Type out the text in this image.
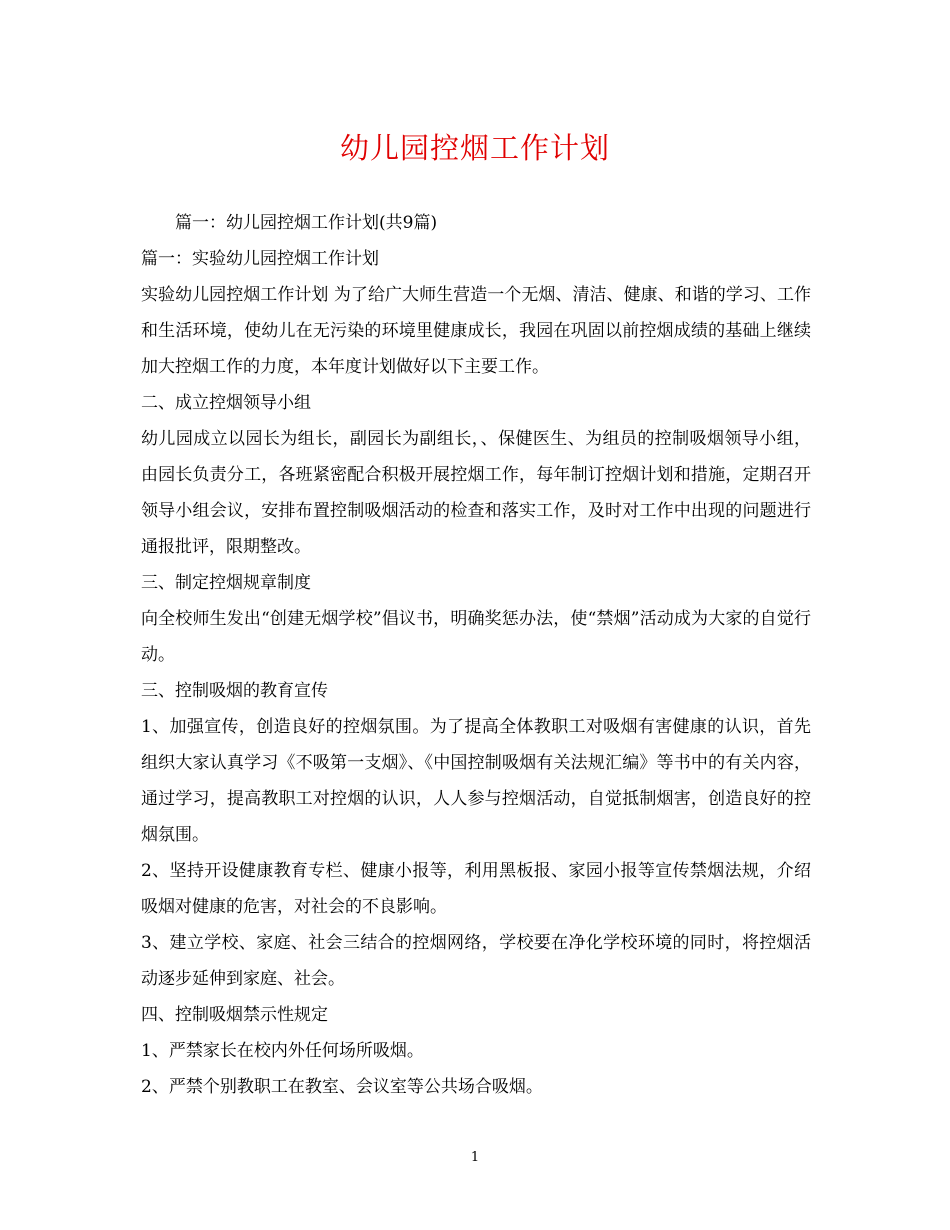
幼儿园控烟工作计划

篇一：幼儿园控烟工作计划(共9篇)

篇一：实验幼儿园控烟工作计划

实验幼儿园控烟工作计划 为了给广大师生营造一个无烟、清洁、健康、和谐的学习、工作和生活环境，使幼儿在无污染的环境里健康成长，我园在巩固以前控烟成绩的基础上继续加大控烟工作的力度，本年度计划做好以下主要工作。

二、成立控烟领导小组

幼儿园成立以园长为组长，副园长为副组长，、保健医生、为组员的控制吸烟领导小组，由园长负责分工，各班紧密配合积极开展控烟工作，每年制订控烟计划和措施，定期召开领导小组会议，安排布置控制吸烟活动的检查和落实工作，及时对工作中出现的问题进行通报批评，限期整改。

三、制定控烟规章制度

向全校师生发出“创建无烟学校”倡议书，明确奖惩办法，使“禁烟”活动成为大家的自觉行动。

三、控制吸烟的教育宣传

1、加强宣传，创造良好的控烟氛围。为了提高全体教职工对吸烟有害健康的认识，首先组织大家认真学习《不吸第一支烟》、《中国控制吸烟有关法规汇编》等书中的有关内容，通过学习，提高教职工对控烟的认识，人人参与控烟活动，自觉抵制烟害，创造良好的控烟氛围。

2、坚持开设健康教育专栏、健康小报等，利用黑板报、家园小报等宣传禁烟法规，介绍吸烟对健康的危害，对社会的不良影响。

3、建立学校、家庭、社会三结合的控烟网络，学校要在净化学校环境的同时，将控烟活动逐步延伸到家庭、社会。

四、控制吸烟禁示性规定

1、严禁家长在校内外任何场所吸烟。

2、严禁个别教职工在教室、会议室等公共场合吸烟。

1
